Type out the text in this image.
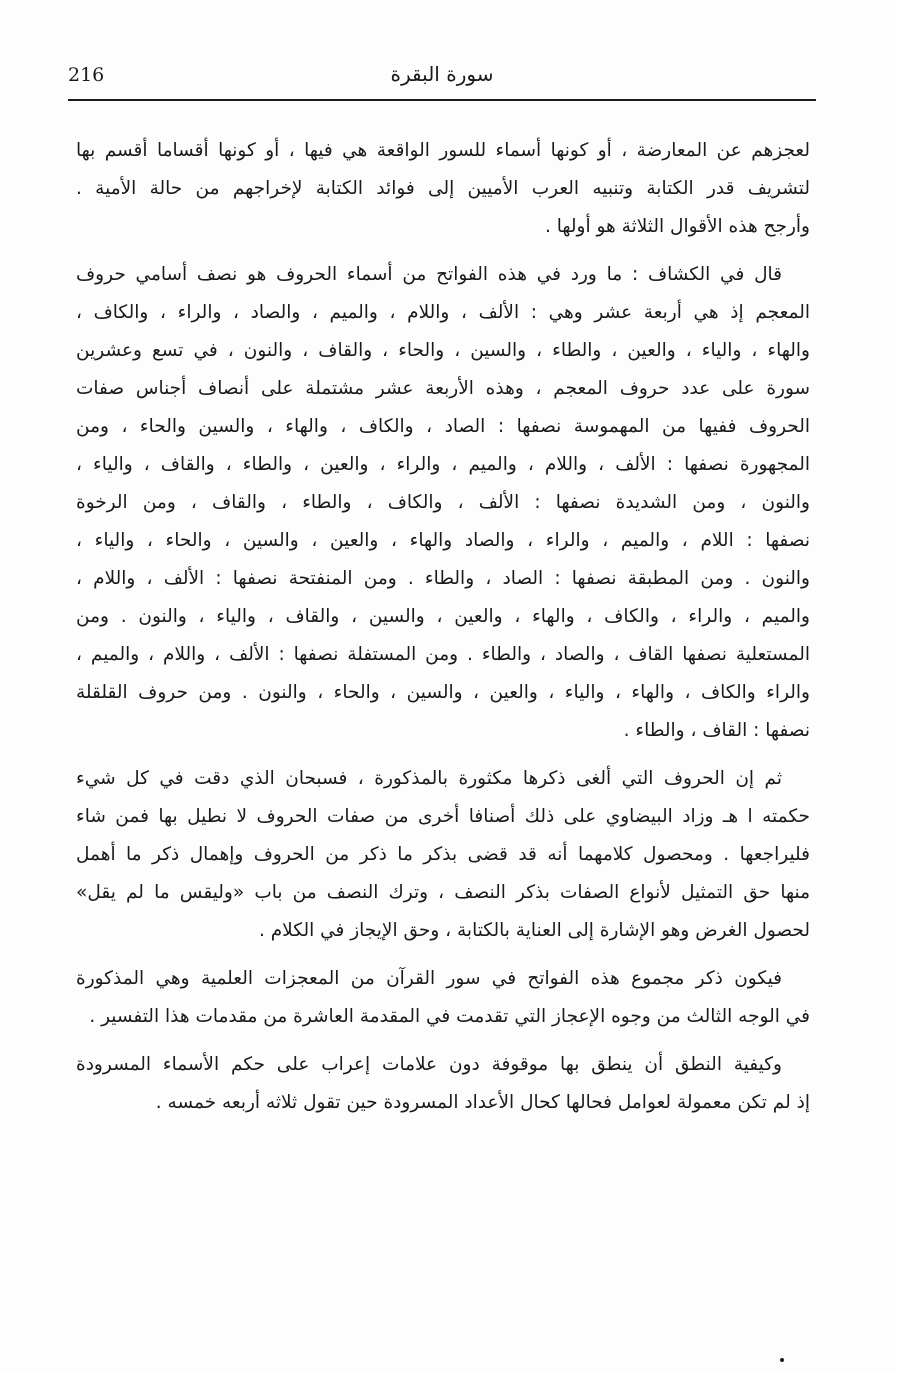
216	سورة البقرة
لعجزهم عن المعارضة ، أو كونها أسماء للسور الواقعة هي فيها ، أو كونها أقساما أقسم بها
لتشريف قدر الكتابة وتنبيه العرب الأميين إلى فوائد الكتابة لإخراجهم من حالة الأمية .
وأرجح هذه الأقوال الثلاثة هو أولها .
قال في الكشاف : ما ورد في هذه الفواتح من أسماء الحروف هو نصف أسامي حروف
المعجم إذ هي أربعة عشر وهي : الألف ، واللام ، والميم ، والصاد ، والراء ، والكاف ،
والهاء ، والياء ، والعين ، والطاء ، والسين ، والحاء ، والقاف ، والنون ، في تسع وعشرين
سورة على عدد حروف المعجم ، وهذه الأربعة عشر مشتملة على أنصاف أجناس صفات
الحروف ففيها من المهموسة نصفها : الصاد ، والكاف ، والهاء ، والسين والحاء ، ومن
المجهورة نصفها : الألف ، واللام ، والميم ، والراء ، والعين ، والطاء ، والقاف ، والياء ،
والنون ، ومن الشديدة نصفها : الألف ، والكاف ، والطاء ، والقاف ، ومن الرخوة
نصفها : اللام ، والميم ، والراء ، والصاد والهاء ، والعين ، والسين ، والحاء ، والياء ،
والنون . ومن المطبقة نصفها : الصاد ، والطاء . ومن المنفتحة نصفها : الألف ، واللام ،
والميم ، والراء ، والكاف ، والهاء ، والعين ، والسين ، والقاف ، والياء ، والنون . ومن
المستعلية نصفها القاف ، والصاد ، والطاء . ومن المستفلة نصفها : الألف ، واللام ، والميم ،
والراء والكاف ، والهاء ، والياء ، والعين ، والسين ، والحاء ، والنون . ومن حروف القلقلة
نصفها : القاف ، والطاء .
ثم إن الحروف التي ألغى ذكرها مكثورة بالمذكورة ، فسبحان الذي دقت في كل شيء
حكمته ا هـ وزاد البيضاوي على ذلك أصنافا أخرى من صفات الحروف لا نطيل بها فمن شاء
فليراجعها . ومحصول كلامهما أنه قد قضى بذكر ما ذكر من الحروف وإهمال ذكر ما أهمل
منها حق التمثيل لأنواع الصفات بذكر النصف ، وترك النصف من باب «وليقس ما لم يقل»
لحصول الغرض وهو الإشارة إلى العناية بالكتابة ، وحق الإيجاز في الكلام .
فيكون ذكر مجموع هذه الفواتح في سور القرآن من المعجزات العلمية وهي المذكورة
في الوجه الثالث من وجوه الإعجاز التي تقدمت في المقدمة العاشرة من مقدمات هذا التفسير .
وكيفية النطق أن ينطق بها موقوفة دون علامات إعراب على حكم الأسماء المسرودة
إذ لم تكن معمولة لعوامل فحالها كحال الأعداد المسرودة حين تقول ثلاثه أربعه خمسه .
